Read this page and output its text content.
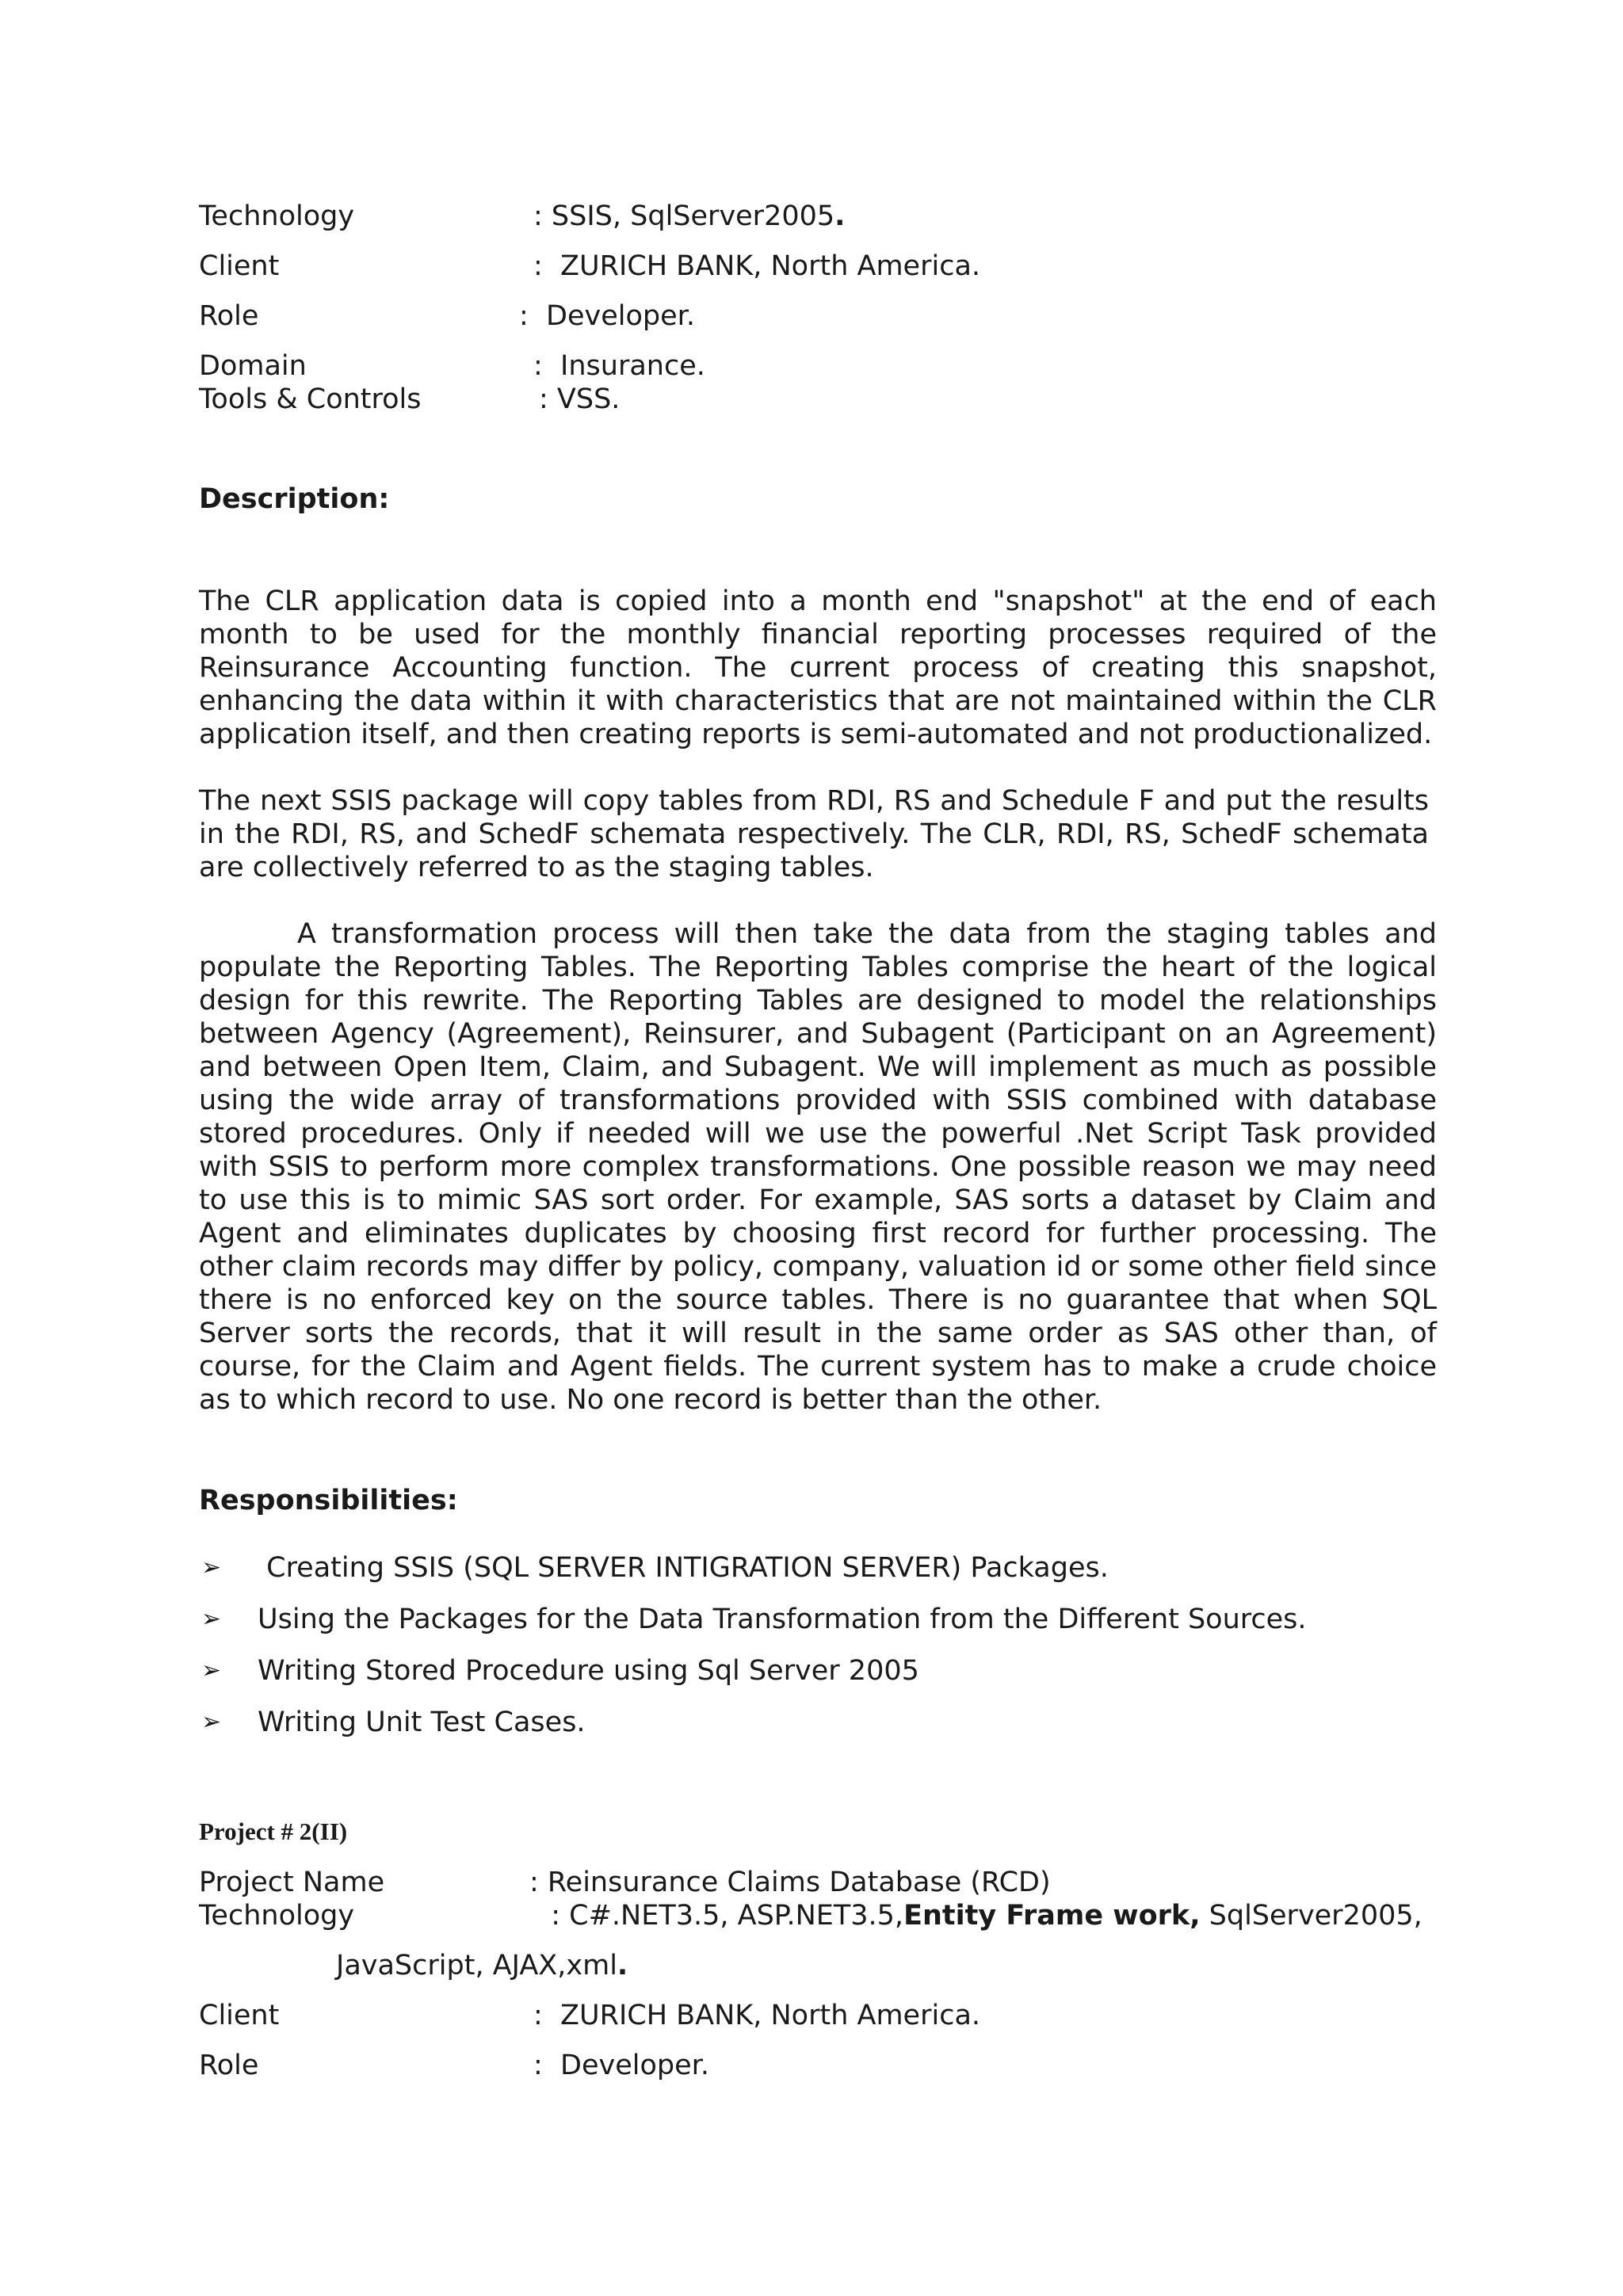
Technology	: SSIS, SqlServer2005.
Client	:  ZURICH BANK, North America.
Role	:  Developer.
Domain	:  Insurance.
Tools & Controls	: VSS.
Description:
The CLR application data is copied into a month end "snapshot" at the end of each
month to be used for the monthly financial reporting processes required of the
Reinsurance Accounting function. The current process of creating this snapshot,
enhancing the data within it with characteristics that are not maintained within the CLR
application itself, and then creating reports is semi-automated and not productionalized.
The next SSIS package will copy tables from RDI, RS and Schedule F and put the results
in the RDI, RS, and SchedF schemata respectively. The CLR, RDI, RS, SchedF schemata
are collectively referred to as the staging tables.
A transformation process will then take the data from the staging tables and
populate the Reporting Tables. The Reporting Tables comprise the heart of the logical
design for this rewrite. The Reporting Tables are designed to model the relationships
between Agency (Agreement), Reinsurer, and Subagent (Participant on an Agreement)
and between Open Item, Claim, and Subagent. We will implement as much as possible
using the wide array of transformations provided with SSIS combined with database
stored procedures. Only if needed will we use the powerful .Net Script Task provided
with SSIS to perform more complex transformations. One possible reason we may need
to use this is to mimic SAS sort order. For example, SAS sorts a dataset by Claim and
Agent and eliminates duplicates by choosing first record for further processing. The
other claim records may differ by policy, company, valuation id or some other field since
there is no enforced key on the source tables. There is no guarantee that when SQL
Server sorts the records, that it will result in the same order as SAS other than, of
course, for the Claim and Agent fields. The current system has to make a crude choice
as to which record to use. No one record is better than the other.
Responsibilities:
➢ Creating SSIS (SQL SERVER INTIGRATION SERVER) Packages.
➢ Using the Packages for the Data Transformation from the Different Sources.
➢ Writing Stored Procedure using Sql Server 2005
➢ Writing Unit Test Cases.
Project # 2(II)
Project Name	: Reinsurance Claims Database (RCD)
Technology	: C#.NET3.5, ASP.NET3.5,Entity Frame work, SqlServer2005,
JavaScript, AJAX,xml.
Client	:  ZURICH BANK, North America.
Role	:  Developer.
